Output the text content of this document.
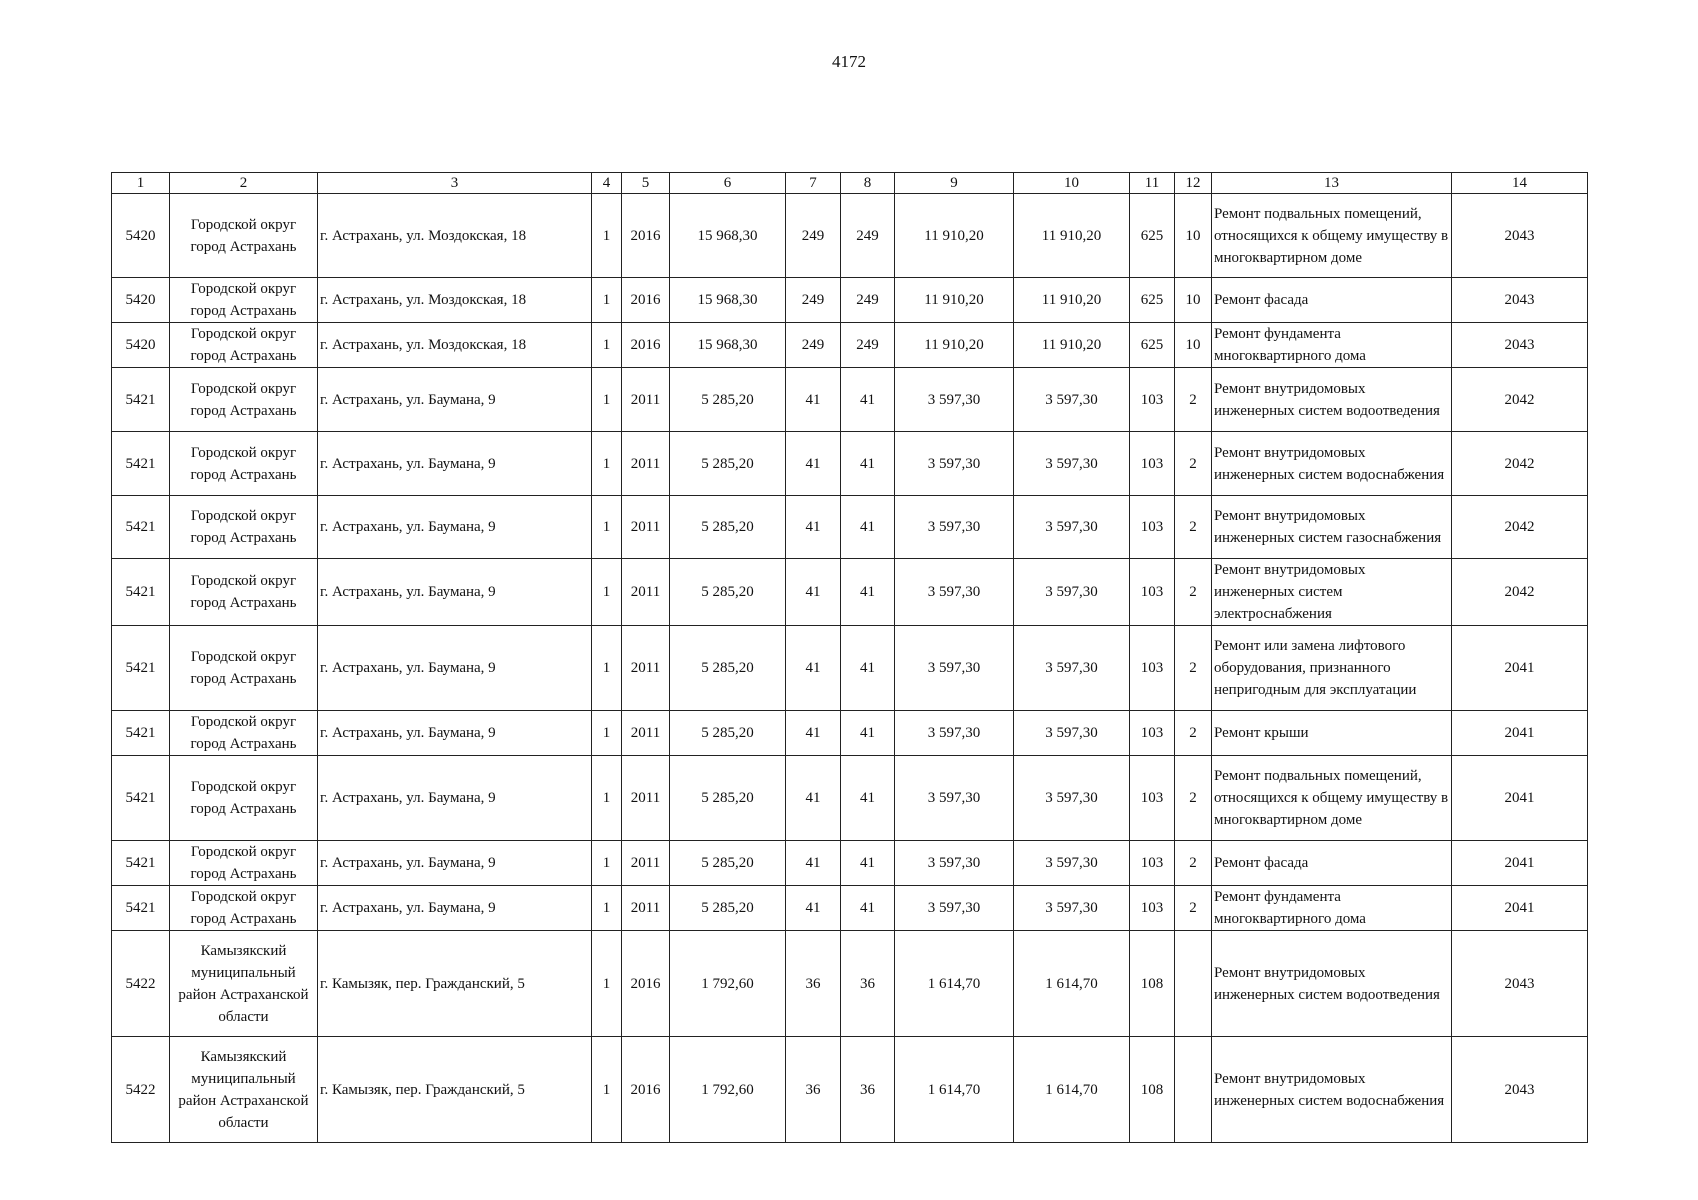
4172
1	2	3	4	5	6	7	8	9	10	11	12	13	14
5420	Городской округ город Астрахань	г. Астрахань, ул. Моздокская, 18	1	2016	15 968,30	249	249	11 910,20	11 910,20	625	10	Ремонт подвальных помещений, относящихся к общему имуществу в многоквартирном доме	2043
5420	Городской округ город Астрахань	г. Астрахань, ул. Моздокская, 18	1	2016	15 968,30	249	249	11 910,20	11 910,20	625	10	Ремонт фасада	2043
5420	Городской округ город Астрахань	г. Астрахань, ул. Моздокская, 18	1	2016	15 968,30	249	249	11 910,20	11 910,20	625	10	Ремонт фундамента многоквартирного дома	2043
5421	Городской округ город Астрахань	г. Астрахань, ул. Баумана, 9	1	2011	5 285,20	41	41	3 597,30	3 597,30	103	2	Ремонт внутридомовых инженерных систем водоотведения	2042
5421	Городской округ город Астрахань	г. Астрахань, ул. Баумана, 9	1	2011	5 285,20	41	41	3 597,30	3 597,30	103	2	Ремонт внутридомовых инженерных систем водоснабжения	2042
5421	Городской округ город Астрахань	г. Астрахань, ул. Баумана, 9	1	2011	5 285,20	41	41	3 597,30	3 597,30	103	2	Ремонт внутридомовых инженерных систем газоснабжения	2042
5421	Городской округ город Астрахань	г. Астрахань, ул. Баумана, 9	1	2011	5 285,20	41	41	3 597,30	3 597,30	103	2	Ремонт внутридомовых инженерных систем электроснабжения	2042
5421	Городской округ город Астрахань	г. Астрахань, ул. Баумана, 9	1	2011	5 285,20	41	41	3 597,30	3 597,30	103	2	Ремонт или замена лифтового оборудования, признанного непригодным для эксплуатации	2041
5421	Городской округ город Астрахань	г. Астрахань, ул. Баумана, 9	1	2011	5 285,20	41	41	3 597,30	3 597,30	103	2	Ремонт крыши	2041
5421	Городской округ город Астрахань	г. Астрахань, ул. Баумана, 9	1	2011	5 285,20	41	41	3 597,30	3 597,30	103	2	Ремонт подвальных помещений, относящихся к общему имуществу в многоквартирном доме	2041
5421	Городской округ город Астрахань	г. Астрахань, ул. Баумана, 9	1	2011	5 285,20	41	41	3 597,30	3 597,30	103	2	Ремонт фасада	2041
5421	Городской округ город Астрахань	г. Астрахань, ул. Баумана, 9	1	2011	5 285,20	41	41	3 597,30	3 597,30	103	2	Ремонт фундамента многоквартирного дома	2041
5422	Камызякский муниципальный район Астраханской области	г. Камызяк, пер. Гражданский, 5	1	2016	1 792,60	36	36	1 614,70	1 614,70	108		Ремонт внутридомовых инженерных систем водоотведения	2043
5422	Камызякский муниципальный район Астраханской области	г. Камызяк, пер. Гражданский, 5	1	2016	1 792,60	36	36	1 614,70	1 614,70	108		Ремонт внутридомовых инженерных систем водоснабжения	2043
